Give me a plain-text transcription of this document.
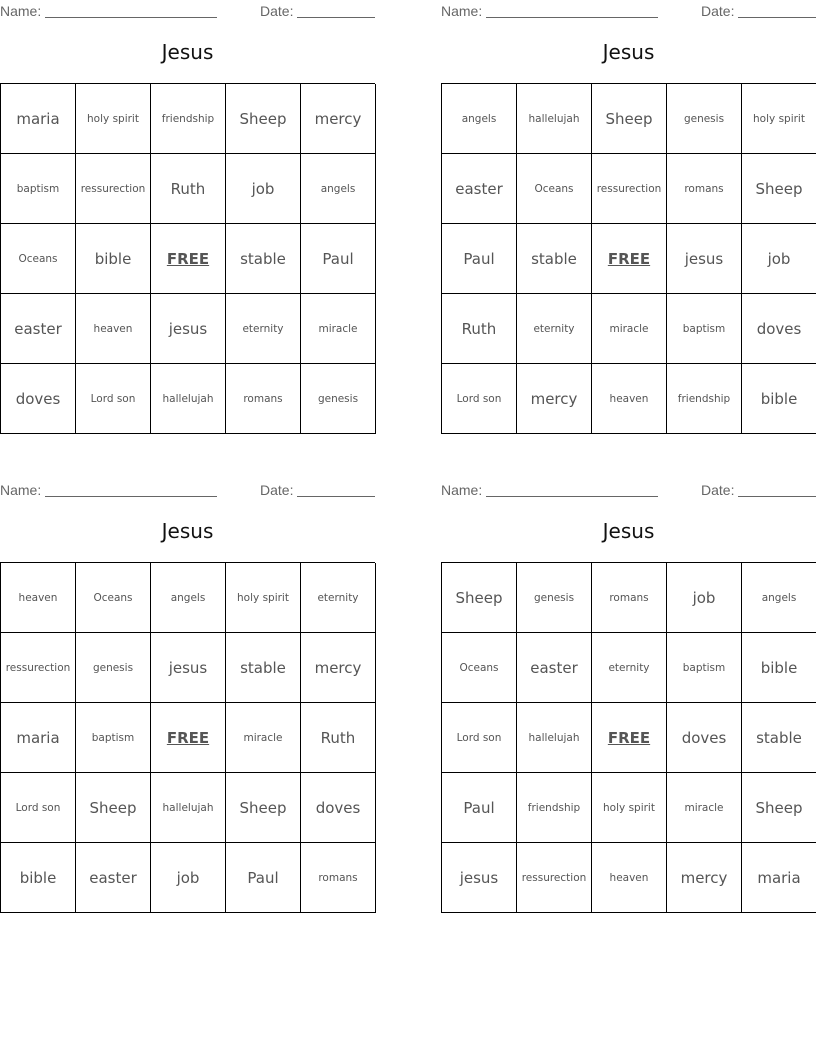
Name:	Date:
Jesus
maria	holy spirit	friendship	Sheep	mercy
baptism	ressurection	Ruth	job	angels
Oceans	bible	FREE	stable	Paul
easter	heaven	jesus	eternity	miracle
doves	Lord son	hallelujah	romans	genesis
Name:	Date:
Jesus
angels	hallelujah	Sheep	genesis	holy spirit
easter	Oceans	ressurection	romans	Sheep
Paul	stable	FREE	jesus	job
Ruth	eternity	miracle	baptism	doves
Lord son	mercy	heaven	friendship	bible
Name:	Date:
Jesus
heaven	Oceans	angels	holy spirit	eternity
ressurection	genesis	jesus	stable	mercy
maria	baptism	FREE	miracle	Ruth
Lord son	Sheep	hallelujah	Sheep	doves
bible	easter	job	Paul	romans
Name:	Date:
Jesus
Sheep	genesis	romans	job	angels
Oceans	easter	eternity	baptism	bible
Lord son	hallelujah	FREE	doves	stable
Paul	friendship	holy spirit	miracle	Sheep
jesus	ressurection	heaven	mercy	maria
